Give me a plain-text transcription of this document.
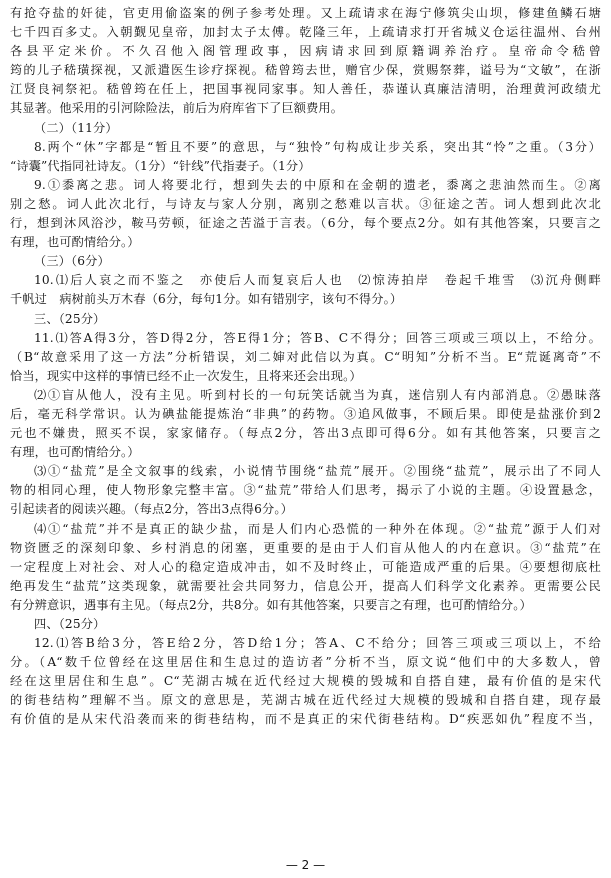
有抢夺盐的奸徒，官吏用偷盗案的例子参考处理。又上疏请求在海宁修筑尖山坝，修建鱼鳞石塘
七千四百多丈。入朝觐见皇帝，加封太子太傅。乾隆三年，上疏请求打开省城义仓运往温州、台州
各县平定米价。不久召他入阁管理政事，因病请求回到原籍调养治疗。皇帝命令嵇曾
筠的儿子嵇璜探视，又派遣医生诊疗探视。嵇曾筠去世，赠官少保，赏赐祭葬，谥号为“文敏”，在浙
江贤良祠祭祀。嵇曾筠在任上，把国事视同家事。知人善任，恭谨认真廉洁清明，治理黄河政绩尤
其显著。他采用的引河除险法，前后为府库省下了巨额费用。
（二）（11分）
8.两个“休”字都是“暂且不要”的意思，与“独怜”句构成让步关系，突出其“怜”之重。（3分）
“诗囊”代指同社诗友。（1分）“针线”代指妻子。（1分）
9.①黍离之悲。词人将要北行，想到失去的中原和在金朝的遗老，黍离之悲油然而生。②离
别之愁。词人此次北行，与诗友与家人分别，离别之愁难以言状。③征途之苦。词人想到此次北
行，想到沐风浴沙，鞍马劳顿，征途之苦溢于言表。（6分，每个要点2分。如有其他答案，只要言之
有理，也可酌情给分。）
（三）（6分）
10.⑴后人哀之而不鉴之　亦使后人而复哀后人也　⑵惊涛拍岸　卷起千堆雪　⑶沉舟侧畔
千帆过　病树前头万木春（6分，每句1分。如有错别字，该句不得分。）
三、（25分）
11.⑴答A得3分，答D得2分，答E得1分；答B、C不得分；回答三项或三项以上，不给分。
（B“故意采用了这一方法”分析错误，刘二婶对此信以为真。C“明知”分析不当。E“荒诞离奇”不
恰当，现实中这样的事情已经不止一次发生，且将来还会出现。）
⑵①盲从他人，没有主见。听到村长的一句玩笑话就当为真，迷信别人有内部消息。②愚昧落
后，毫无科学常识。认为碘盐能提炼治“非典”的药物。③追风做事，不顾后果。即使是盐涨价到2
元也不嫌贵，照买不误，家家储存。（每点2分，答出3点即可得6分。如有其他答案，只要言之
有理，也可酌情给分。）
⑶①“盐荒”是全文叙事的线索，小说情节围绕“盐荒”展开。②围绕“盐荒”，展示出了不同人
物的相同心理，使人物形象完整丰富。③“盐荒”带给人们思考，揭示了小说的主题。④设置悬念，
引起读者的阅读兴趣。（每点2分，答出3点得6分。）
⑷①“盐荒”并不是真正的缺少盐，而是人们内心恐慌的一种外在体现。②“盐荒”源于人们对
物资匮乏的深刻印象、乡村消息的闭塞，更重要的是由于人们盲从他人的内在意识。③“盐荒”在
一定程度上对社会、对人心的稳定造成冲击，如不及时终止，可能造成严重的后果。④要想彻底杜
绝再发生“盐荒”这类现象，就需要社会共同努力，信息公开，提高人们科学文化素养。更需要公民
有分辨意识，遇事有主见。（每点2分，共8分。如有其他答案，只要言之有理，也可酌情给分。）
四、（25分）
12.⑴答B给3分，答E给2分，答D给1分；答A、C不给分；回答三项或三项以上，不给
分。（A“数千位曾经在这里居住和生息过的造访者”分析不当，原文说“他们中的大多数人，曾
经在这里居住和生息”。C“芜湖古城在近代经过大规模的毁城和自搭自建，最有价值的是宋代
的街巷结构”理解不当。原文的意思是，芜湖古城在近代经过大规模的毁城和自搭自建，现存最
有价值的是从宋代沿袭而来的街巷结构，而不是真正的宋代街巷结构。D“疾恶如仇”程度不当，
— 2 —
